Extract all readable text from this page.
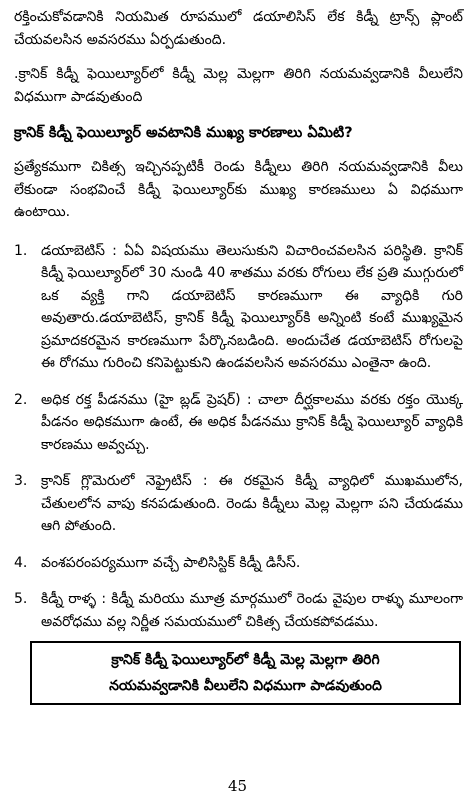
రక్తించుకోవడానికి నియమిత రూపములో డయాలిసిస్ లేక కిడ్నీ ట్రాన్స్ ప్లాంట్ చేయవలసిన అవసరము ఏర్పడుతుంది.

.క్రానిక్ కిడ్నీ ఫెయిల్యూర్‌లో కిడ్నీ మెల్ల మెల్లగా తిరిగి నయమవ్వడానికి వీలులేని విధముగా పాడవుతుంది

క్రానిక్ కిడ్నీ ఫెయిల్యూర్ అవటానికి ముఖ్య కారణాలు ఏమిటి?

ప్రత్యేకముగా చికిత్స ఇచ్చినప్పటికీ రెండు కిడ్నీలు తిరిగి నయమవ్వడానికి వీలు లేకుండా సంభవించే కిడ్నీ ఫెయిల్యూర్‌కు ముఖ్య కారణములు ఏ విధముగా ఉంటాయి.

1. డయాబెటిస్ : ఏఏ విషయము తెలుసుకుని విచారించవలసిన పరిస్థితి. క్రానిక్ కిడ్నీ ఫెయిల్యూర్‌లో 30 నుండి 40 శాతము వరకు రోగులు లేక ప్రతి ముగ్గురులో ఒక వ్యక్తి గాని డయాబెటిస్ కారణముగా ఈ వ్యాధికి గురి అవుతారు.డయాబెటిస్, క్రానిక్ కిడ్నీ ఫెయిల్యూర్‌కి అన్నింటి కంటే ముఖ్యమైన ప్రమాదకరమైన కారణముగా పేర్కొనబడింది. అందుచేత డయాబెటిస్ రోగులపై ఈ రోగము గురించి కనిపెట్టుకుని ఉండవలసిన అవసరము ఎంతైనా ఉంది.
2. అధిక రక్త పీడనము (హై బ్లడ్ ప్రెషర్) : చాలా దీర్ఘకాలము వరకు రక్తం యొక్క పీడనం అధికముగా ఉంటే, ఈ అధిక పీడనము క్రానిక్ కిడ్నీ ఫెయిల్యూర్ వ్యాధికి కారణము అవ్వచ్చు.
3. క్రానిక్ గ్లొమెరులో నెఫ్రైటిస్ : ఈ రకమైన కిడ్నీ వ్యాధిలో ముఖములోన, చేతులలోన వాపు కనపడుతుంది. రెండు కిడ్నీలు మెల్ల మెల్లగా పని చేయడము ఆగి పోతుంది.
4. వంశపరంపర్యముగా వచ్చే పాలిసిస్టిక్ కిడ్నీ డిసీస్.
5. కిడ్నీ రాళ్ళ : కిడ్నీ మరియు మూత్ర మార్గములో రెండు వైపుల రాళ్ళు మూలంగా అవరోధము వల్ల నిర్ణీత సమయములో చికిత్స చేయకపోవడము.
క్రానిక్ కిడ్నీ ఫెయిల్యూర్‌లో కిడ్నీ మెల్ల మెల్లగా తిరిగి
నయమవ్వడానికి వీలులేని విధముగా పాడవుతుంది
45
